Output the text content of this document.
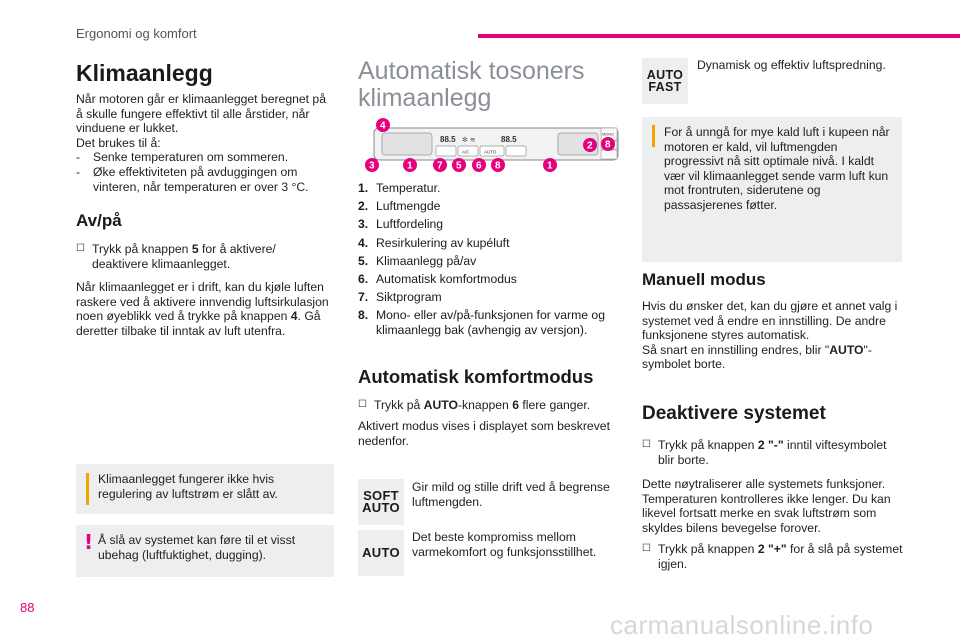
Ergonomi og komfort
Klimaanlegg
Når motoren går er klimaanlegget beregnet på å skulle fungere effektivt til alle årstider, når vinduene er lukket.
Det brukes til å:
-	Senke temperaturen om sommeren.
-	Øke effektiviteten på avduggingen om vinteren, når temperaturen er over 3 °C.
Av/på
☐ Trykk på knappen 5 for å aktivere/ deaktivere klimaanlegget.
Når klimaanlegget er i drift, kan du kjøle luften raskere ved å aktivere innvendig luftsirkulasjon noen øyeblikk ved å trykke på knappen 4. Gå deretter tilbake til inntak av luft utenfra.
Klimaanlegget fungerer ikke hvis regulering av luftstrøm er slått av.
! Å slå av systemet kan føre til et visst ubehag (luftfuktighet, dugging).
Automatisk tosoners
klimaanlegg
88.5	88.5
✼ ≋
A/C	AUTO
MONO
4
3	1 7 5 6 8	1
2 8
1. Temperatur.
2. Luftmengde
3. Luftfordeling
4. Resirkulering av kupéluft
5. Klimaanlegg på/av
6. Automatisk komfortmodus
7. Siktprogram
8. Mono- eller av/på-funksjonen for varme og klimaanlegg bak (avhengig av versjon).
Automatisk komfortmodus
☐ Trykk på AUTO-knappen 6 flere ganger.
Aktivert modus vises i displayet som beskrevet nedenfor.
SOFT
AUTO
Gir mild og stille drift ved å begrense luftmengden.
AUTO
Det beste kompromiss mellom varmekomfort og funksjonsstillhet.
AUTO
FAST
Dynamisk og effektiv luftspredning.
For å unngå for mye kald luft i kupeen når motoren er kald, vil luftmengden progressivt nå sitt optimale nivå. I kaldt vær vil klimaanlegget sende varm luft kun mot frontruten, siderutene og passasjerenes føtter.
Manuell modus
Hvis du ønsker det, kan du gjøre et annet valg i systemet ved å endre en innstilling. De andre funksjonene styres automatisk.
Så snart en innstilling endres, blir "AUTO"-symbolet borte.
Deaktivere systemet
☐ Trykk på knappen 2 "-" inntil viftesymbolet blir borte.
Dette nøytraliserer alle systemets funksjoner. Temperaturen kontrolleres ikke lenger. Du kan likevel fortsatt merke en svak luftstrøm som skyldes bilens bevegelse forover.
☐ Trykk på knappen 2 "+" for å slå på systemet igjen.
88
carmanualsonline.info
